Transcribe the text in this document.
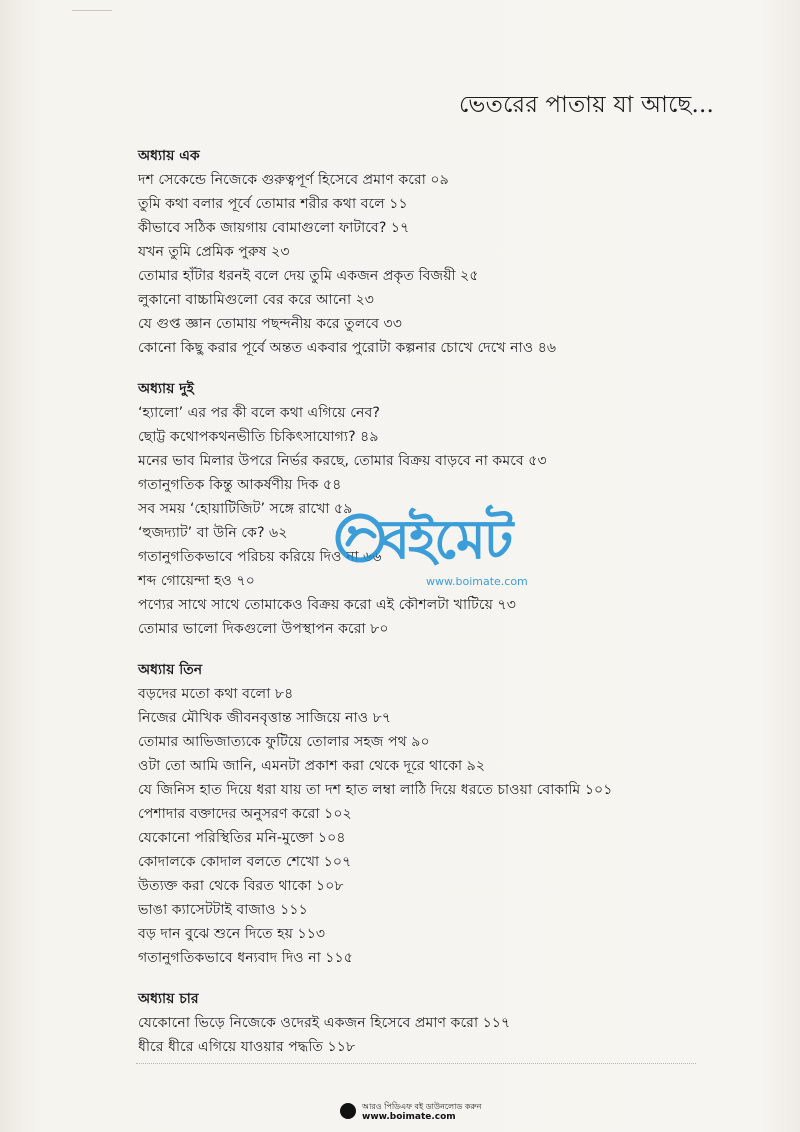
ভেতরের পাতায় যা আছে...
অধ্যায় এক
দশ সেকেন্ডে নিজেকে গুরুত্বপূর্ণ হিসেবে প্রমাণ করো ০৯
তুমি কথা বলার পূর্বে তোমার শরীর কথা বলে ১১
কীভাবে সঠিক জায়গায় বোমাগুলো ফাটাবে? ১৭
যখন তুমি প্রেমিক পুরুষ ২৩
তোমার হাঁটার ধরনই বলে দেয় তুমি একজন প্রকৃত বিজয়ী ২৫
লুকানো বাচ্চামিগুলো বের করে আনো ২৩
যে গুপ্ত জ্ঞান তোমায় পছন্দনীয় করে তুলবে ৩৩
কোনো কিছু করার পূর্বে অন্তত একবার পুরোটা কল্পনার চোখে দেখে নাও ৪৬
অধ্যায় দুই
‘হ্যালো’ এর পর কী বলে কথা এগিয়ে নেব?
ছোট্ট কথোপকথনভীতি চিকিৎসাযোগ্য? ৪৯
মনের ভাব মিলার উপরে নির্ভর করছে, তোমার বিক্রয় বাড়বে না কমবে ৫৩
গতানুগতিক কিন্তু আকর্ষণীয় দিক ৫৪
সব সময় ‘হোয়াটিজিট’ সঙ্গে রাখো ৫৯
‘হুজদ্যাট’ বা উনি কে? ৬২
গতানুগতিকভাবে পরিচয় করিয়ে দিও না ৬৬
শব্দ গোয়েন্দা হও ৭০
পণ্যের সাথে সাথে তোমাকেও বিক্রয় করো এই কৌশলটা খাটিয়ে ৭৩
তোমার ভালো দিকগুলো উপস্থাপন করো ৮০
অধ্যায় তিন
বড়দের মতো কথা বলো ৮৪
নিজের মৌখিক জীবনবৃত্তান্ত সাজিয়ে নাও ৮৭
তোমার আভিজাত্যকে ফুটিয়ে তোলার সহজ পথ ৯০
ওটা তো আমি জানি, এমনটা প্রকাশ করা থেকে দূরে থাকো ৯২
যে জিনিস হাত দিয়ে ধরা যায় তা দশ হাত লম্বা লাঠি দিয়ে ধরতে চাওয়া বোকামি ১০১
পেশাদার বক্তাদের অনুসরণ করো ১০২
যেকোনো পরিস্থিতির মনি-মুক্তো ১০৪
কোদালকে কোদাল বলতে শেখো ১০৭
উত্যক্ত করা থেকে বিরত থাকো ১০৮
ভাঙা ক্যাসেটটাই বাজাও ১১১
বড় দান বুঝে শুনে দিতে হয় ১১৩
গতানুগতিকভাবে ধন্যবাদ দিও না ১১৫
অধ্যায় চার
যেকোনো ভিড়ে নিজেকে ওদেরই একজন হিসেবে প্রমাণ করো ১১৭
ধীরে ধীরে এগিয়ে যাওয়ার পদ্ধতি ১১৮
বইমেট
www.boimate.com
আরও পিডিএফ বই ডাউনলোড করুন
www.boimate.com
